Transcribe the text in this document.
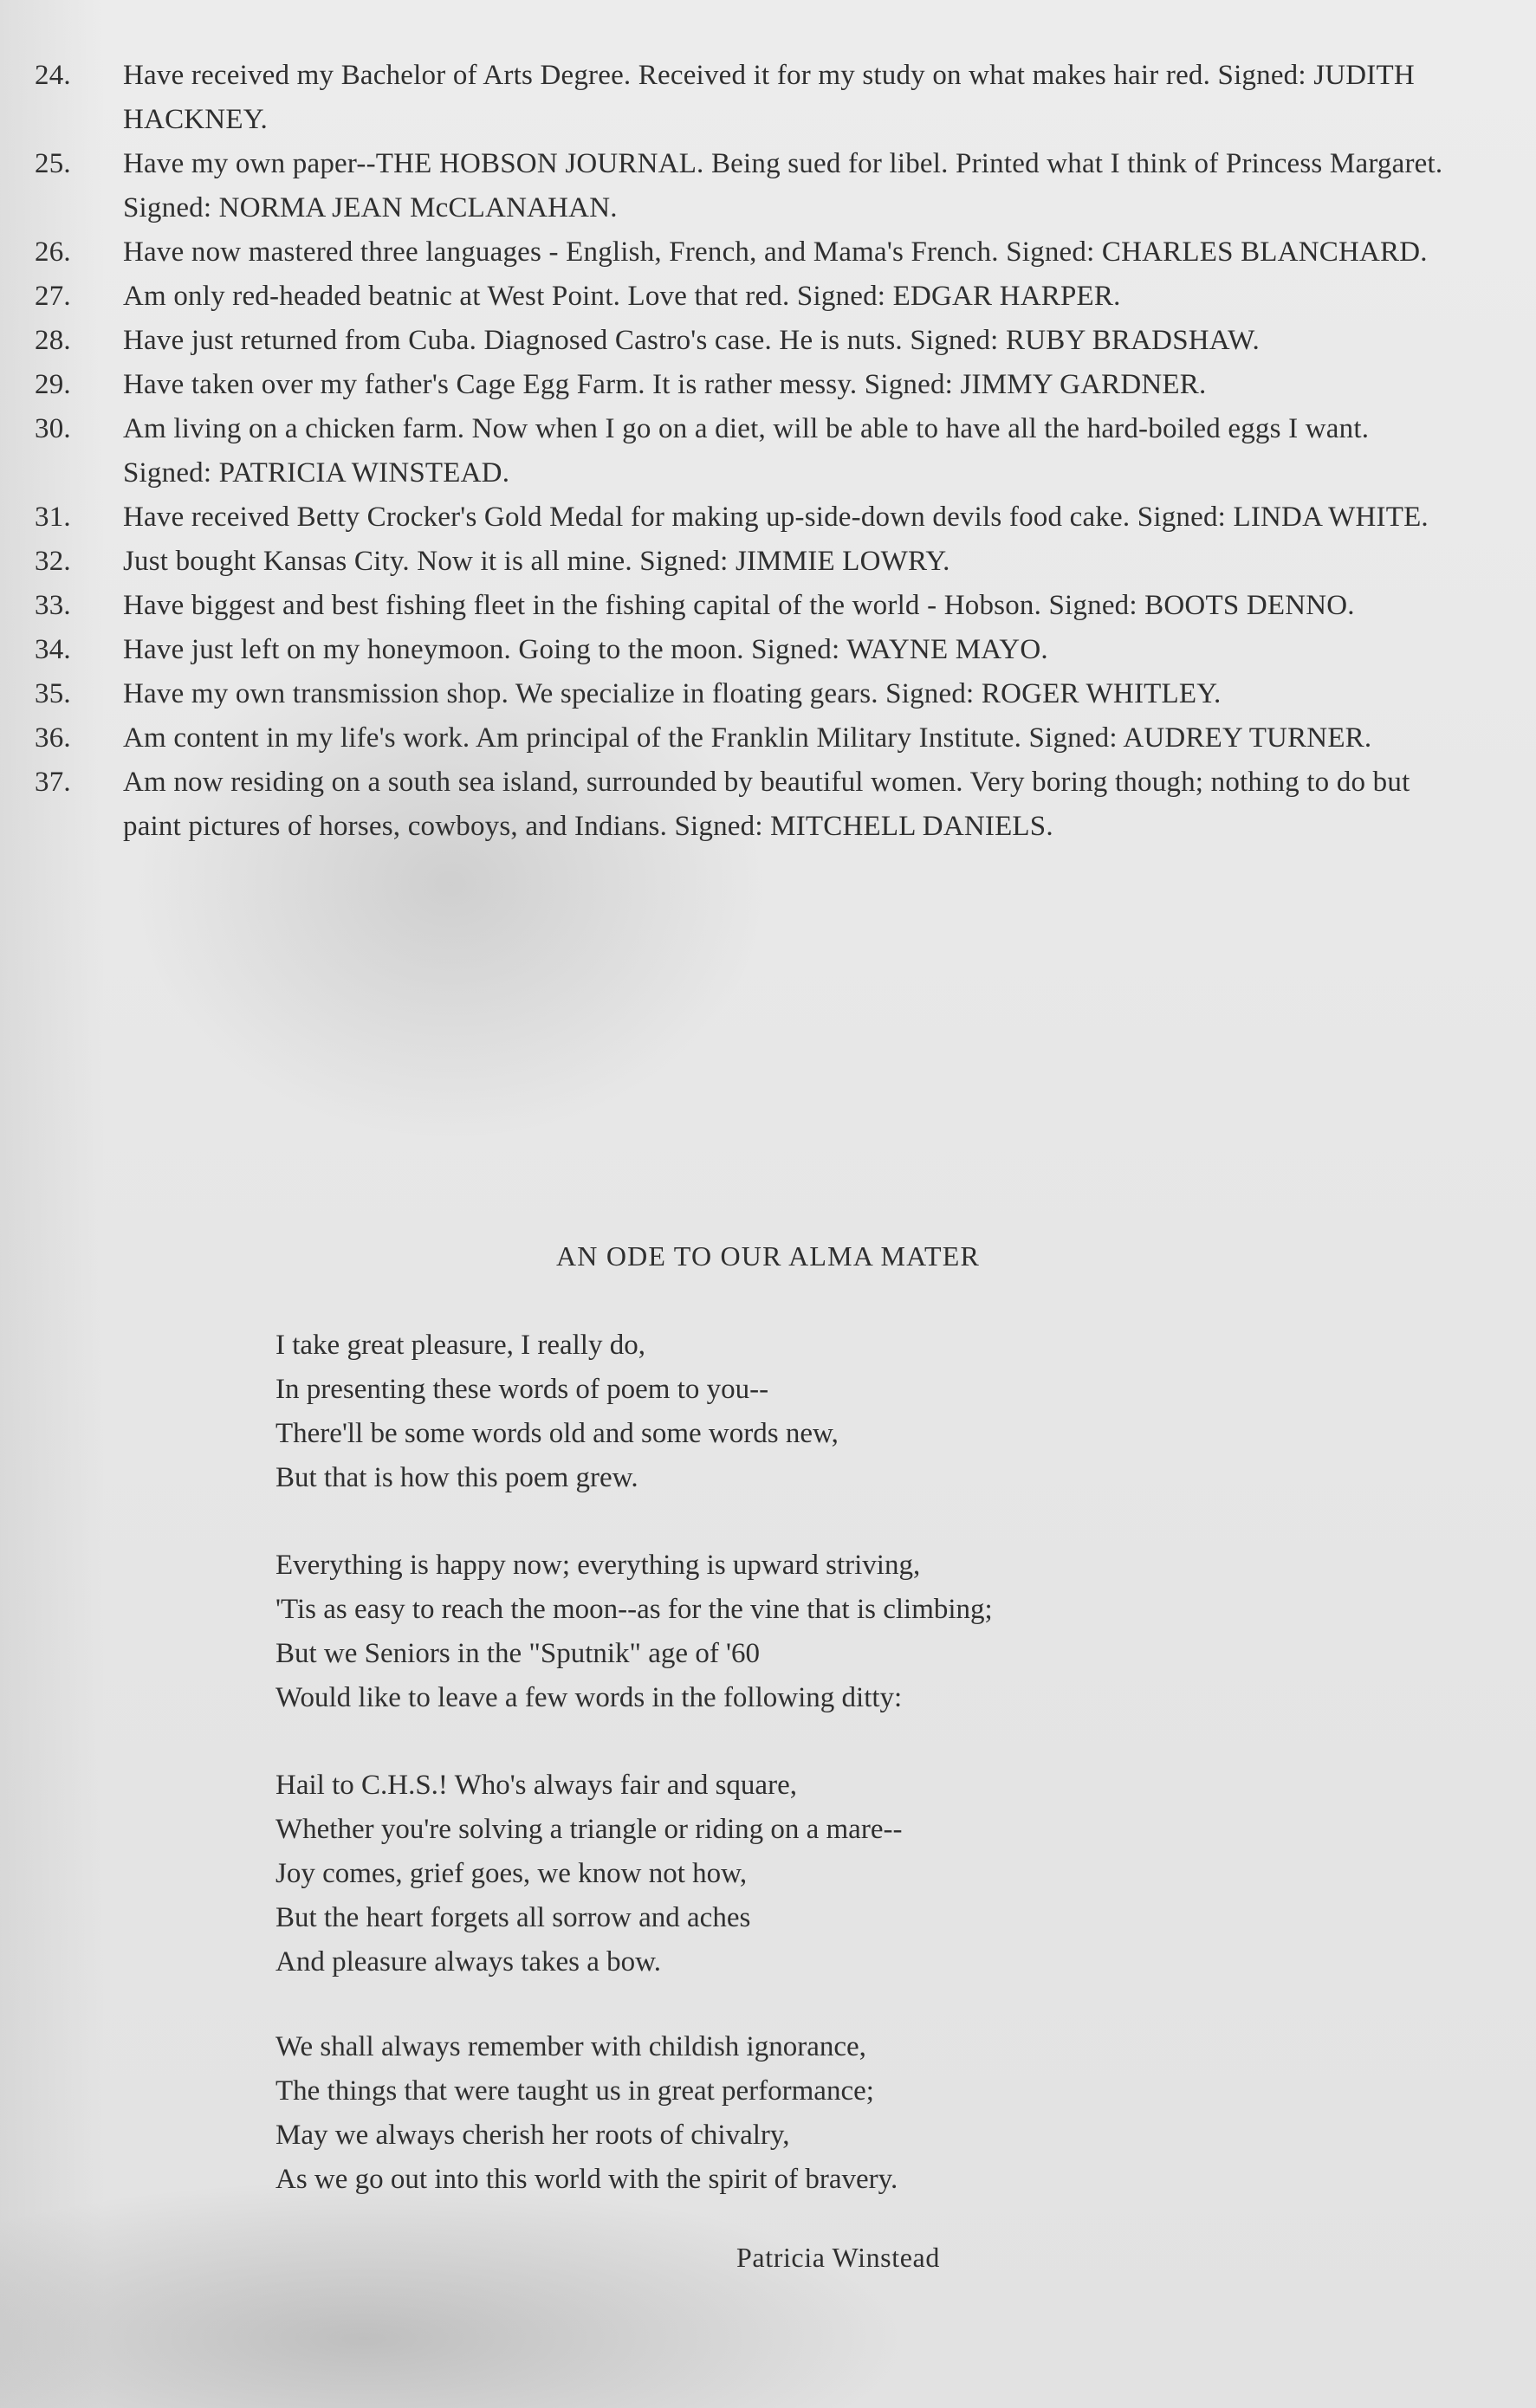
24.	Have received my Bachelor of Arts Degree. Received it for my study on what makes hair red. Signed: JUDITH HACKNEY.
25.	Have my own paper--THE HOBSON JOURNAL. Being sued for libel. Printed what I think of Princess Margaret. Signed: NORMA JEAN McCLANAHAN.
26.	Have now mastered three languages - English, French, and Mama's French. Signed: CHARLES BLANCHARD.
27.	Am only red-headed beatnic at West Point. Love that red. Signed: EDGAR HARPER.
28.	Have just returned from Cuba. Diagnosed Castro's case. He is nuts. Signed: RUBY BRADSHAW.
29.	Have taken over my father's Cage Egg Farm. It is rather messy. Signed: JIMMY GARDNER.
30.	Am living on a chicken farm. Now when I go on a diet, will be able to have all the hard-boiled eggs I want. Signed: PATRICIA WINSTEAD.
31.	Have received Betty Crocker's Gold Medal for making up-side-down devils food cake. Signed: LINDA WHITE.
32.	Just bought Kansas City. Now it is all mine. Signed: JIMMIE LOWRY.
33.	Have biggest and best fishing fleet in the fishing capital of the world - Hobson. Signed: BOOTS DENNO.
34.	Have just left on my honeymoon. Going to the moon. Signed: WAYNE MAYO.
35.	Have my own transmission shop. We specialize in floating gears. Signed: ROGER WHITLEY.
36.	Am content in my life's work. Am principal of the Franklin Military Institute. Signed: AUDREY TURNER.
37.	Am now residing on a south sea island, surrounded by beautiful women. Very boring though; nothing to do but paint pictures of horses, cowboys, and Indians. Signed: MITCHELL DANIELS.
AN ODE TO OUR ALMA MATER
I take great pleasure, I really do,
In presenting these words of poem to you--
There'll be some words old and some words new,
But that is how this poem grew.
Everything is happy now; everything is upward striving,
'Tis as easy to reach the moon--as for the vine that is climbing;
But we Seniors in the "Sputnik" age of '60
Would like to leave a few words in the following ditty:
Hail to C.H.S.! Who's always fair and square,
Whether you're solving a triangle or riding on a mare--
Joy comes, grief goes, we know not how,
But the heart forgets all sorrow and aches
And pleasure always takes a bow.
We shall always remember with childish ignorance,
The things that were taught us in great performance;
May we always cherish her roots of chivalry,
As we go out into this world with the spirit of bravery.
Patricia Winstead
